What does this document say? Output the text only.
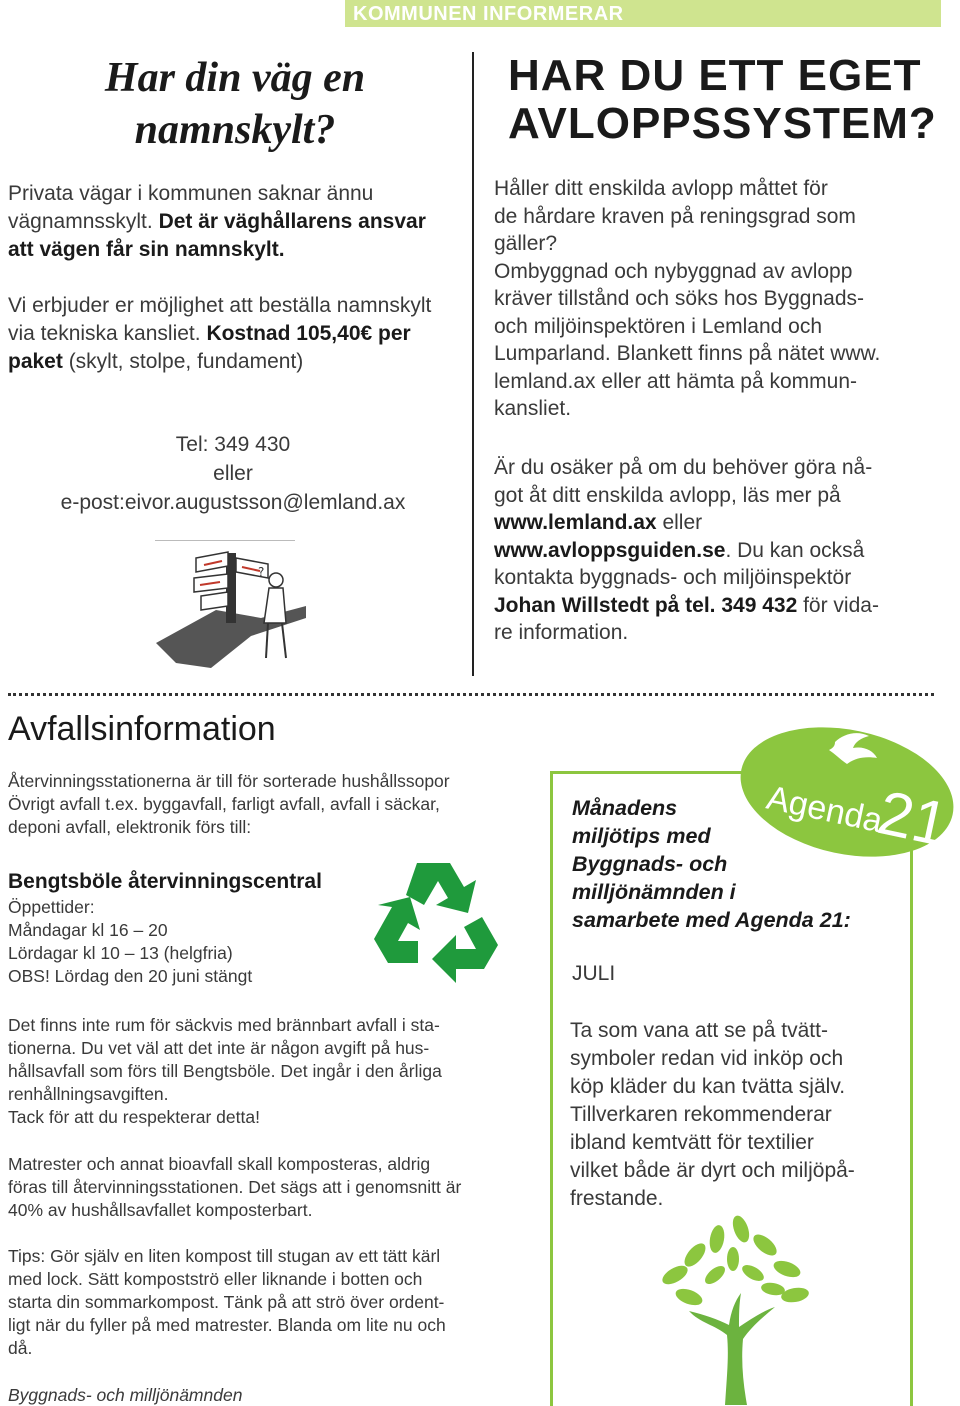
KOMMUNEN INFORMERAR
Har din väg en
namnskylt?
Privata vägar i kommunen saknar ännu vägnamnsskylt. Det är väghållarens ansvar att vägen får sin namnskylt.
Vi erbjuder er möjlighet att beställa namnskylt via tekniska kansliet. Kostnad 105,40€ per paket (skylt, stolpe, fundament)
Tel: 349 430
eller
e-post:eivor.augustsson@lemland.ax
?
HAR DU ETT EGET
AVLOPPSSYSTEM?
Håller ditt enskilda avlopp måttet för
de hårdare kraven på reningsgrad som
gäller?
Ombyggnad och nybyggnad av avlopp
kräver tillstånd och söks hos Byggnads-
och miljöinspektören i Lemland och
Lumparland. Blankett finns på nätet www.
lemland.ax eller att hämta på kommun-
kansliet.
Är du osäker på om du behöver göra nå-
got åt ditt enskilda avlopp, läs mer på
www.lemland.ax eller
www.avloppsguiden.se. Du kan också
kontakta byggnads- och miljöinspektör
Johan Willstedt på tel. 349 432 för vida-
re information.
Avfallsinformation
Återvinningsstationerna är till för sorterade hushållssopor
Övrigt avfall t.ex. byggavfall, farligt avfall, avfall i säckar,
deponi avfall, elektronik förs till:
Bengtsböle återvinningscentral
Öppettider:
Måndagar kl 16 – 20
Lördagar kl 10 – 13 (helgfria)
OBS! Lördag den 20 juni stängt
Det finns inte rum för säckvis med brännbart avfall i sta-
tionerna. Du vet väl att det inte är någon avgift på hus-
hållsavfall som förs till Bengtsböle. Det ingår i den årliga
renhållningsavgiften.
Tack för att du respekterar detta!
Matrester och annat bioavfall skall komposteras, aldrig
föras till återvinningsstationen. Det sägs att i genomsnitt är
40% av hushållsavfallet komposterbart.
Tips: Gör själv en liten kompost till stugan av ett tätt kärl
med lock. Sätt kompostströ eller liknande i botten och
starta din sommarkompost. Tänk på att strö över ordent-
ligt när du fyller på med matrester. Blanda om lite nu och
då.
Byggnads- och milljönämnden
Agenda
21
Månadens
miljötips med
Byggnads- och
milljönämnden i
samarbete med Agenda 21:
JULI
Ta som vana att se på tvätt-
symboler redan vid inköp och
köp kläder du kan tvätta själv.
Tillverkaren rekommenderar
ibland kemtvätt för textilier
vilket både är dyrt och miljöpå-
frestande.
